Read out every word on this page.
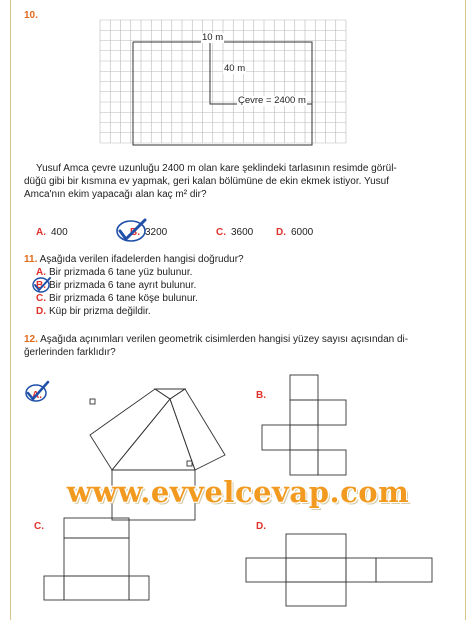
10.
10 m
40 m
Çevre = 2400 m
Yusuf Amca çevre uzunluğu 2400 m olan kare şeklindeki tarlasının resimde görül-
düğü gibi bir kısmına ev yapmak, geri kalan bölümüne de ekin ekmek istiyor. Yusuf
Amca'nın ekim yapacağı alan kaç m² dir?
A. 400	B. 3200	C. 3600 D. 6000
11. Aşağıda verilen ifadelerden hangisi doğrudur?
A. Bir prizmada 6 tane yüz bulunur.
B. Bir prizmada 6 tane ayrıt bulunur.
C. Bir prizmada 6 tane köşe bulunur.
D. Küp bir prizma değildir.
12. Aşağıda açınımları verilen geometrik cisimlerden hangisi yüzey sayısı açısından di-
ğerlerinden farklıdır?
A.	B.
C.	D.
www.evvelcevap.com
